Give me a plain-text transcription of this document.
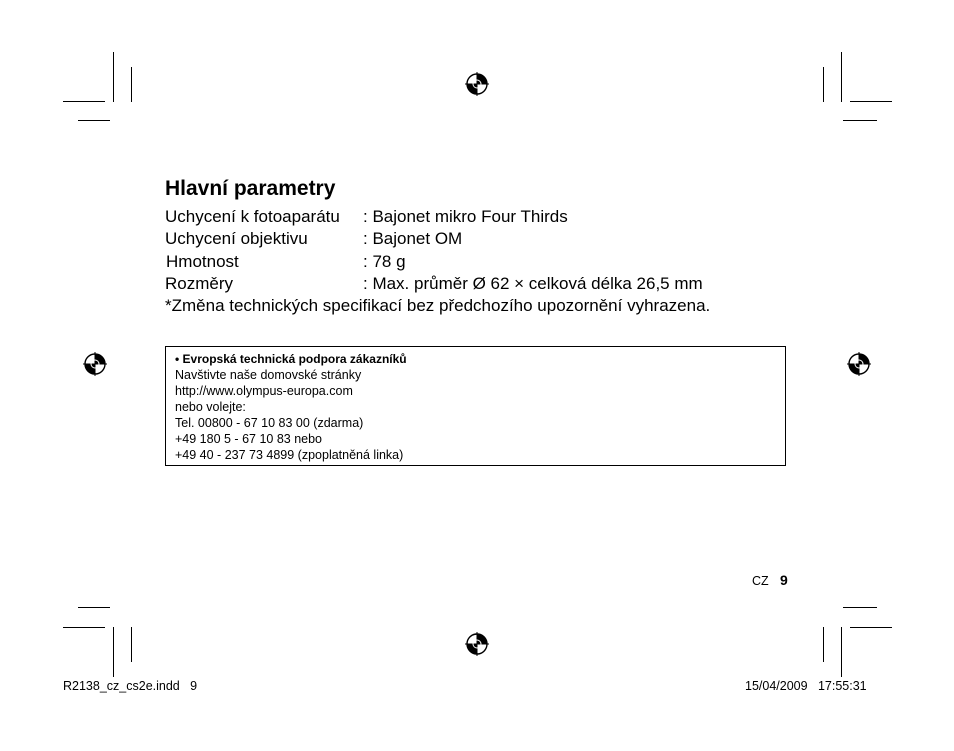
Hlavní parametry
Uchycení k fotoaparátu : Bajonet mikro Four Thirds
Uchycení objektivu	: Bajonet OM
Hmotnost	: 78 g
Rozměry	: Max. průměr Ø 62 × celková délka 26,5 mm
*Změna technických specifikací bez předchozího upozornění vyhrazena.
• Evropská technická podpora zákazníků
Navštivte naše domovské stránky
http://www.olympus-europa.com
nebo volejte:
Tel. 00800 - 67 10 83 00 (zdarma)
+49 180 5 - 67 10 83 nebo
+49 40 - 237 73 4899 (zpoplatněná linka)
CZ 9
R2138_cz_cs2e.indd   9	15/04/2009   17:55:31
